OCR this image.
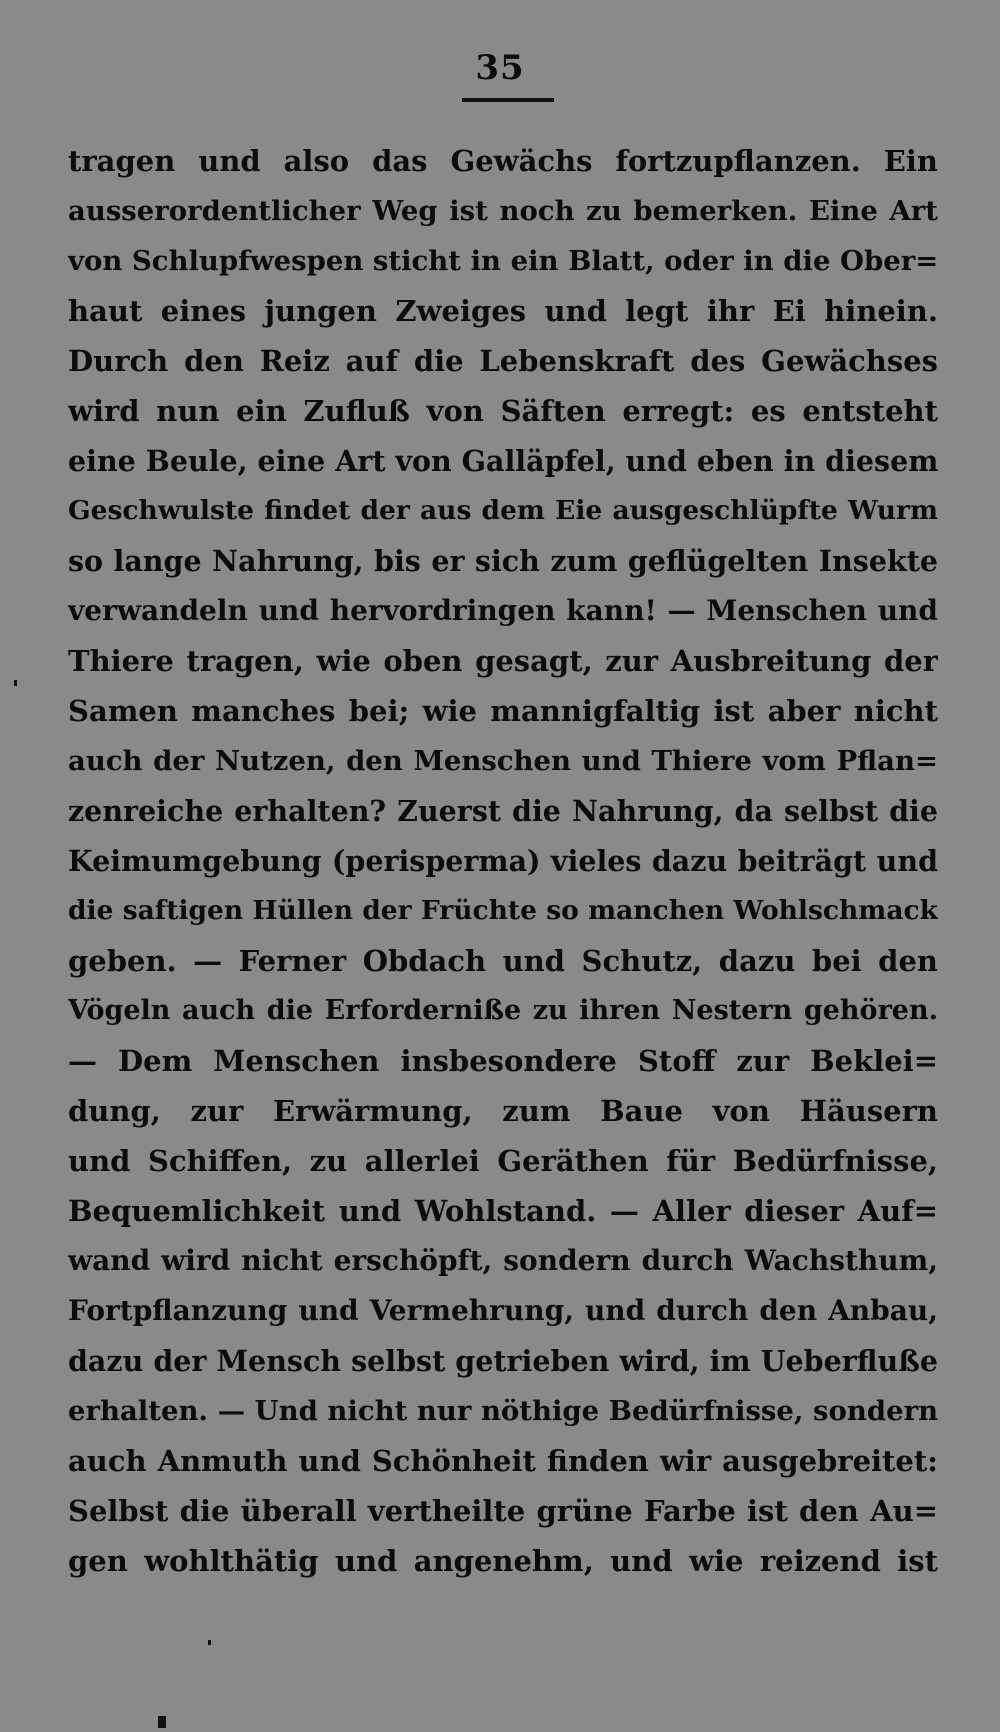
35
tragen und also das Gewächs fortzupflanzen. Ein
ausserordentlicher Weg ist noch zu bemerken. Eine Art
von Schlupfwespen sticht in ein Blatt, oder in die Ober=
haut eines jungen Zweiges und legt ihr Ei hinein.
Durch den Reiz auf die Lebenskraft des Gewächses
wird nun ein Zufluß von Säften erregt: es entsteht
eine Beule, eine Art von Galläpfel, und eben in diesem
Geschwulste findet der aus dem Eie ausgeschlüpfte Wurm
so lange Nahrung, bis er sich zum geflügelten Insekte
verwandeln und hervordringen kann! — Menschen und
Thiere tragen, wie oben gesagt, zur Ausbreitung der
Samen manches bei; wie mannigfaltig ist aber nicht
auch der Nutzen, den Menschen und Thiere vom Pflan=
zenreiche erhalten? Zuerst die Nahrung, da selbst die
Keimumgebung (perisperma) vieles dazu beiträgt und
die saftigen Hüllen der Früchte so manchen Wohlschmack
geben. — Ferner Obdach und Schutz, dazu bei den
Vögeln auch die Erforderniße zu ihren Nestern gehören.
— Dem Menschen insbesondere Stoff zur Beklei=
dung, zur Erwärmung, zum Baue von Häusern
und Schiffen, zu allerlei Geräthen für Bedürfnisse,
Bequemlichkeit und Wohlstand. — Aller dieser Auf=
wand wird nicht erschöpft, sondern durch Wachsthum,
Fortpflanzung und Vermehrung, und durch den Anbau,
dazu der Mensch selbst getrieben wird, im Ueberfluße
erhalten. — Und nicht nur nöthige Bedürfnisse, sondern
auch Anmuth und Schönheit finden wir ausgebreitet:
Selbst die überall vertheilte grüne Farbe ist den Au=
gen wohlthätig und angenehm, und wie reizend ist
